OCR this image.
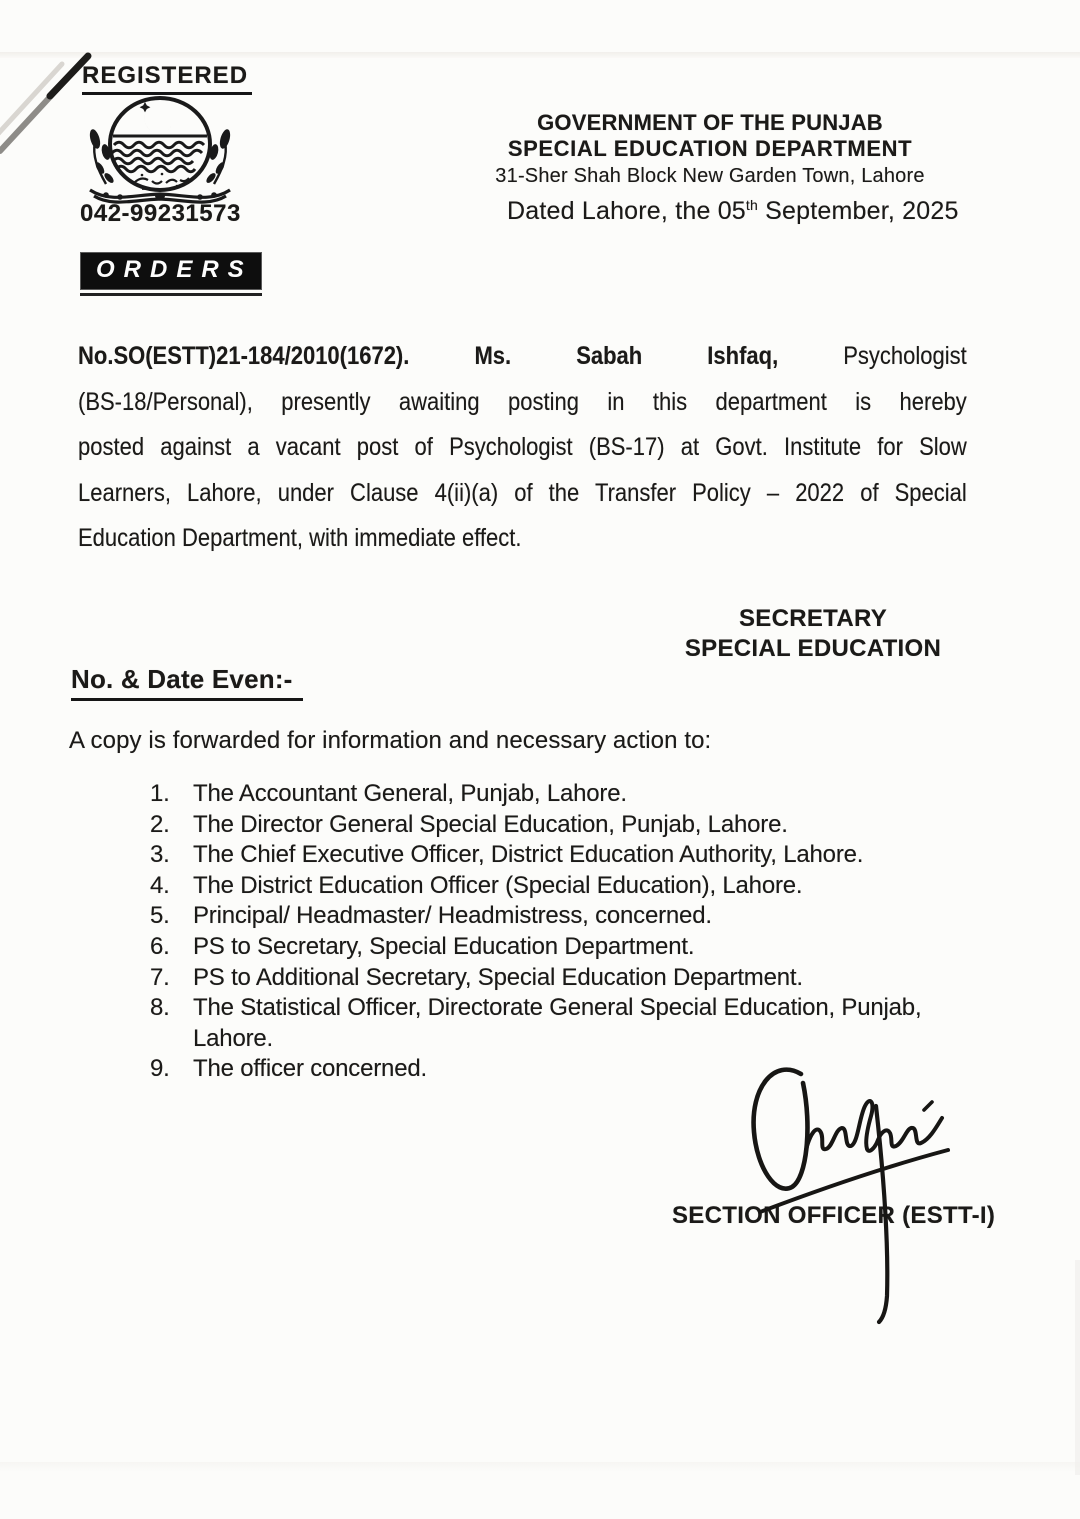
REGISTERED
042-99231573
GOVERNMENT OF THE PUNJAB
SPECIAL EDUCATION DEPARTMENT
31-Sher Shah Block New Garden Town, Lahore
Dated Lahore, the 05th September, 2025
ORDERS
No.SO(ESTT)21-184/2010(1672).	Ms.	Sabah	Ishfaq,	Psychologist
(BS-18/Personal), presently awaiting posting in this department is hereby
posted against a vacant post of Psychologist (BS-17) at Govt. Institute for Slow
Learners, Lahore, under Clause 4(ii)(a) of the Transfer Policy – 2022 of Special
Education Department, with immediate effect.
SECRETARY
SPECIAL EDUCATION
No. & Date Even:-
A copy is forwarded for information and necessary action to:
The Accountant General, Punjab, Lahore.
The Director General Special Education, Punjab, Lahore.
The Chief Executive Officer, District Education Authority, Lahore.
The District Education Officer (Special Education), Lahore.
Principal/ Headmaster/ Headmistress, concerned.
PS to Secretary, Special Education Department.
PS to Additional Secretary, Special Education Department.
The Statistical Officer, Directorate General Special Education, Punjab, Lahore.
The officer concerned.
SECTION OFFICER (ESTT-I)
